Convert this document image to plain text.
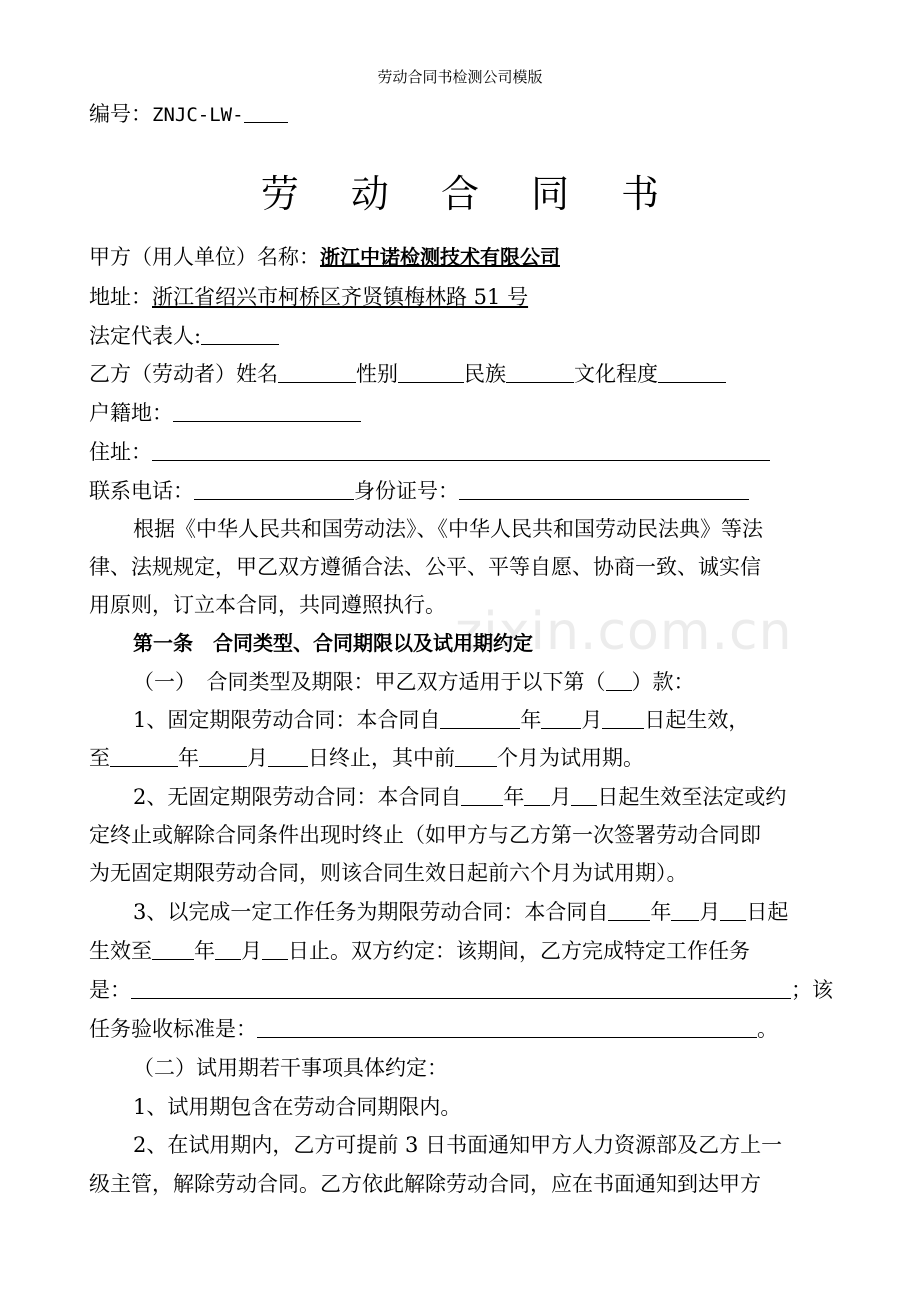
zixin.com.cn
劳动合同书检测公司模版
编号：ZNJC-LW-
劳 动 合 同 书
甲方（用人单位）名称：浙江中诺检测技术有限公司
地址：浙江省绍兴市柯桥区齐贤镇梅林路 51 号
法定代表人:
乙方（劳动者）姓名	性别	民族	文化程度
户籍地：
住址：
联系电话：	身份证号：
根据《中华人民共和国劳动法》、《中华人民共和国劳动民法典》等法
律、法规规定，甲乙双方遵循合法、公平、平等自愿、协商一致、诚实信
用原则，订立本合同，共同遵照执行。
第一条　合同类型、合同期限以及试用期约定
（一）　合同类型及期限：甲乙双方适用于以下第（ ）款：
1、固定期限劳动合同：本合同自	年 月 日起生效，
至	年 月 日终止，其中前 个月为试用期。
2、无固定期限劳动合同：本合同自 年 月 日起生效至法定或约
定终止或解除合同条件出现时终止（如甲方与乙方第一次签署劳动合同即
为无固定期限劳动合同，则该合同生效日起前六个月为试用期）。
3、以完成一定工作任务为期限劳动合同：本合同自 年 月 日起
生效至 年 月 日止。双方约定：该期间，乙方完成特定工作任务
是：	；该
任务验收标准是：	。
（二）试用期若干事项具体约定：
1、试用期包含在劳动合同期限内。
2、在试用期内，乙方可提前 3 日书面通知甲方人力资源部及乙方上一
级主管，解除劳动合同。乙方依此解除劳动合同，应在书面通知到达甲方
